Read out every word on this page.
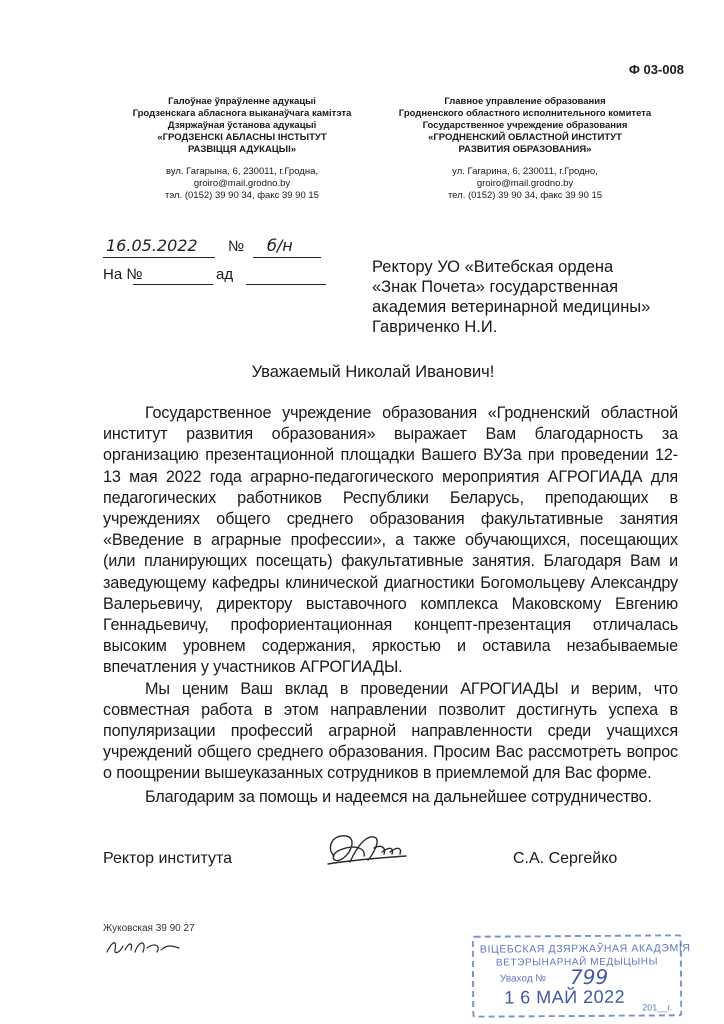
Ф 03-008
Галоўнае ўпраўленне адукацыі
Гродзенскага абласнога выканаўчага камітэта
Дзяржаўная ўстанова адукацыі
«ГРОДЗЕНСКІ АБЛАСНЫ ІНСТЫТУТ
РАЗВІЦЦЯ АДУКАЦЫІ»
вул. Гагарына, 6, 230011, г.Гродна,
groiro@mail.grodno.by
тэл. (0152) 39 90 34, факс 39 90 15
Главное управление образования
Гродненского областного исполнительного комитета
Государственное учреждение образования
«ГРОДНЕНСКИЙ ОБЛАСТНОЙ ИНСТИТУТ
РАЗВИТИЯ ОБРАЗОВАНИЯ»
ул. Гагарина, 6, 230011, г.Гродно,
groiro@mail.grodno.by
тел. (0152) 39 90 34, факс 39 90 15
16.05.2022 № б/н
На №	ад	Ректору УО «Витебская ордена
«Знак Почета» государственная
академия ветеринарной медицины»
Гавриченко Н.И.
Уважаемый Николай Иванович!

Государственное учреждение образования «Гродненский областной институт развития образования» выражает Вам благодарность за организацию презентационной площадки Вашего ВУЗа при проведении 12-13 мая 2022 года аграрно-педагогического мероприятия АГРОГИАДА для педагогических работников Республики Беларусь, преподающих в учреждениях общего среднего образования факультативные занятия «Введение в аграрные профессии», а также обучающихся, посещающих (или планирующих посещать) факультативные занятия. Благодаря Вам и заведующему кафедры клинической диагностики Богомольцеву Александру Валерьевичу, директору выставочного комплекса Маковскому Евгению Геннадьевичу, профориентационная концепт-презентация отличалась высоким уровнем содержания, яркостью и оставила незабываемые впечатления у участников АГРОГИАДЫ.

Мы ценим Ваш вклад в проведении АГРОГИАДЫ и верим, что совместная работа в этом направлении позволит достигнуть успеха в популяризации профессий аграрной направленности среди учащихся учреждений общего среднего образования. Просим Вас рассмотреть вопрос о поощрении вышеуказанных сотрудников в приемлемой для Вас форме.

Благодарим за помощь и надеемся на дальнейшее сотрудничество.

Ректор института	С.А. Сергейко
Жуковская 39 90 27
ВІЦЕБСКАЯ ДЗЯРЖАЎНАЯ АКАДЭМІЯ
ВЕТЭРЫНАРНАЙ МЕДЫЦЫНЫ
Уваход № 799
1 6 МАЙ 2022 201__г.
